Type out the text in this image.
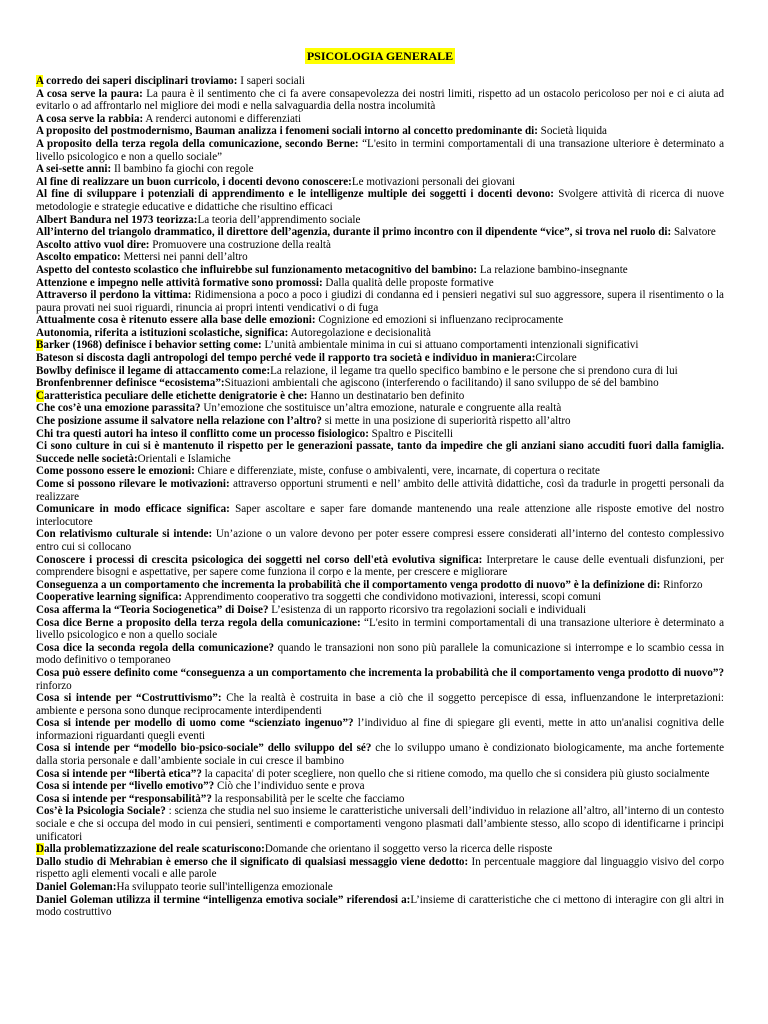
PSICOLOGIA GENERALE

A corredo dei saperi disciplinari troviamo: I saperi sociali

A cosa serve la paura: La paura è il sentimento che ci fa avere consapevolezza dei nostri limiti, rispetto ad un ostacolo pericoloso per noi e ci aiuta ad evitarlo o ad affrontarlo nel migliore dei modi e nella salvaguardia della nostra incolumità

A cosa serve la rabbia: A renderci autonomi e differenziati

A proposito del postmodernismo, Bauman analizza i fenomeni sociali intorno al concetto predominante di: Società liquida

A proposito della terza regola della comunicazione, secondo Berne: “L'esito in termini comportamentali di una transazione ulteriore è determinato a livello psicologico e non a quello sociale”

A sei-sette anni: Il bambino fa giochi con regole

Al fine di realizzare un buon curricolo, i docenti devono conoscere:Le motivazioni personali dei giovani

Al fine di sviluppare i potenziali di apprendimento e le intelligenze multiple dei soggetti i docenti devono: Svolgere attività di ricerca di nuove metodologie e strategie educative e didattiche che risultino efficaci

Albert Bandura nel 1973 teorizza:La teoria dell’apprendimento sociale

All’interno del triangolo drammatico, il direttore dell’agenzia, durante il primo incontro con il dipendente “vice”, si trova nel ruolo di: Salvatore

Ascolto attivo vuol dire: Promuovere una costruzione della realtà

Ascolto empatico: Mettersi nei panni dell’altro

Aspetto del contesto scolastico che influirebbe sul funzionamento metacognitivo del bambino: La relazione bambino-insegnante

Attenzione e impegno nelle attività formative sono promossi: Dalla qualità delle proposte formative

Attraverso il perdono la vittima: Ridimensiona a poco a poco i giudizi di condanna ed i pensieri negativi sul suo aggressore, supera il risentimento o la paura provati nei suoi riguardi, rinuncia ai propri intenti vendicativi o di fuga

Attualmente cosa è ritenuto essere alla base delle emozioni: Cognizione ed emozioni si influenzano reciprocamente

Autonomia, riferita a istituzioni scolastiche, significa: Autoregolazione e decisionalità

Barker (1968) definisce i behavior setting come: L’unità ambientale minima in cui si attuano comportamenti intenzionali significativi

Bateson si discosta dagli antropologi del tempo perché vede il rapporto tra società e individuo in maniera:Circolare

Bowlby definisce il legame di attaccamento come:La relazione, il legame tra quello specifico bambino e le persone che si prendono cura di lui

Bronfenbrenner definisce “ecosistema”:Situazioni ambientali che agiscono (interferendo o facilitando) il sano sviluppo de sé del bambino

Caratteristica peculiare delle etichette denigratorie è che: Hanno un destinatario ben definito

Che cos’è una emozione parassita? Un’emozione che sostituisce un’altra emozione, naturale e congruente alla realtà

Che posizione assume il salvatore nella relazione con l’altro? si mette in una posizione di superiorità rispetto all’altro

Chi tra questi autori ha inteso il conflitto come un processo fisiologico: Spaltro e Piscitelli

Ci sono culture in cui si è mantenuto il rispetto per le generazioni passate, tanto da impedire che gli anziani siano accuditi fuori dalla famiglia. Succede nelle società:Orientali e Islamiche

Come possono essere le emozioni: Chiare e differenziate, miste, confuse o ambivalenti, vere, incarnate, di copertura o recitate

Come si possono rilevare le motivazioni: attraverso opportuni strumenti e nell’ ambito delle attività didattiche, così da tradurle in progetti personali da realizzare

Comunicare in modo efficace significa: Saper ascoltare e saper fare domande mantenendo una reale attenzione alle risposte emotive del nostro interlocutore

Con relativismo culturale si intende: Un’azione o un valore devono per poter essere compresi essere considerati all’interno del contesto complessivo entro cui si collocano

Conoscere i processi di crescita psicologica dei soggetti nel corso dell'età evolutiva significa: Interpretare le cause delle eventuali disfunzioni, per comprendere bisogni e aspettative, per sapere come funziona il corpo e la mente, per crescere e migliorare

Conseguenza a un comportamento che incrementa la probabilità che il comportamento venga prodotto di nuovo” è la definizione di: Rinforzo

Cooperative learning significa: Apprendimento cooperativo tra soggetti che condividono motivazioni, interessi, scopi comuni

Cosa afferma la “Teoria Sociogenetica” di Doise? L’esistenza di un rapporto ricorsivo tra regolazioni sociali e individuali

Cosa dice Berne a proposito della terza regola della comunicazione: “L'esito in termini comportamentali di una transazione ulteriore è determinato a livello psicologico e non a quello sociale

Cosa dice la seconda regola della comunicazione? quando le transazioni non sono più parallele la comunicazione si interrompe e lo scambio cessa in modo definitivo o temporaneo

Cosa può essere definito come “conseguenza a un comportamento che incrementa la probabilità che il comportamento venga prodotto di nuovo”? rinforzo

Cosa si intende per “Costruttivismo”: Che la realtà è costruita in base a ciò che il soggetto percepisce di essa, influenzandone le interpretazioni: ambiente e persona sono dunque reciprocamente interdipendenti

Cosa si intende per modello di uomo come “scienziato ingenuo”? l’individuo al fine di spiegare gli eventi, mette in atto un'analisi cognitiva delle informazioni riguardanti quegli eventi

Cosa si intende per “modello bio-psico-sociale” dello sviluppo del sé? che lo sviluppo umano è condizionato biologicamente, ma anche fortemente dalla storia personale e dall’ambiente sociale in cui cresce il bambino

Cosa si intende per “libertà etica”? la capacita' di poter scegliere, non quello che si ritiene comodo, ma quello che si considera più giusto socialmente

Cosa si intende per “livello emotivo”? Ciò che l’individuo sente e prova

Cosa si intende per “responsabilità”? la responsabilità per le scelte che facciamo

Cos’è la Psicologia Sociale? : scienza che studia nel suo insieme le caratteristiche universali dell’individuo in relazione all’altro, all’interno di un contesto sociale e che si occupa del modo in cui pensieri, sentimenti e comportamenti vengono plasmati dall’ambiente stesso, allo scopo di identificarne i principi unificatori

Dalla problematizzazione del reale scaturiscono:Domande che orientano il soggetto verso la ricerca delle risposte

Dallo studio di Mehrabian è emerso che il significato di qualsiasi messaggio viene dedotto: In percentuale maggiore dal linguaggio visivo del corpo rispetto agli elementi vocali e alle parole

Daniel Goleman:Ha sviluppato teorie sull'intelligenza emozionale

Daniel Goleman utilizza il termine “intelligenza emotiva sociale” riferendosi a:L’insieme di caratteristiche che ci mettono di interagire con gli altri in modo costruttivo
